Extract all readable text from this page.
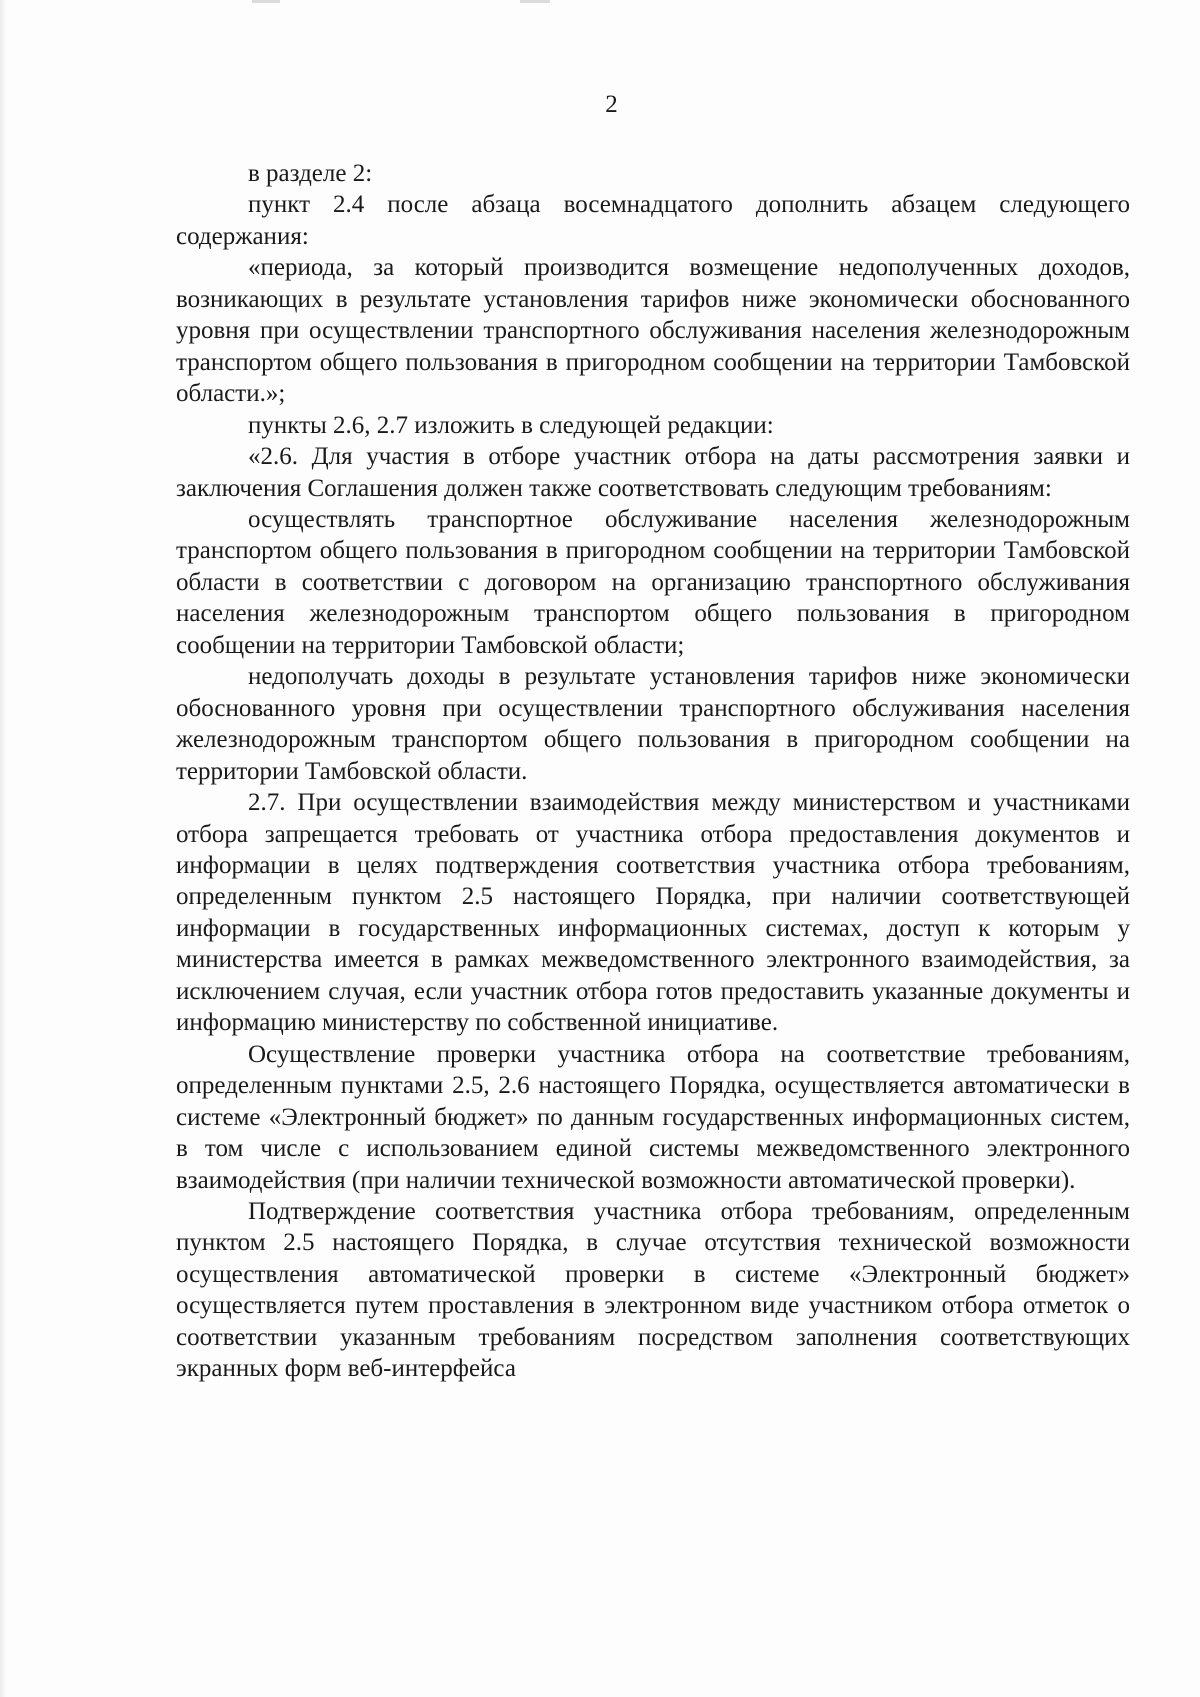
2

в разделе 2:

пункт 2.4 после абзаца восемнадцатого дополнить абзацем следующего содержания:

«периода, за который производится возмещение недополученных доходов, возникающих в результате установления тарифов ниже экономически обоснованного уровня при осуществлении транспортного обслуживания населения железнодорожным транспортом общего пользования в пригородном сообщении на территории Тамбовской области.»;

пункты 2.6, 2.7 изложить в следующей редакции:

«2.6. Для участия в отборе участник отбора на даты рассмотрения заявки и заключения Соглашения должен также соответствовать следующим требованиям:

осуществлять транспортное обслуживание населения железнодорожным транспортом общего пользования в пригородном сообщении на территории Тамбовской области в соответствии с договором на организацию транспортного обслуживания населения железнодорожным транспортом общего пользования в пригородном сообщении на территории Тамбовской области;

недополучать доходы в результате установления тарифов ниже экономически обоснованного уровня при осуществлении транспортного обслуживания населения железнодорожным транспортом общего пользования в пригородном сообщении на территории Тамбовской области.

2.7. При осуществлении взаимодействия между министерством и участниками отбора запрещается требовать от участника отбора предоставления документов и информации в целях подтверждения соответствия участника отбора требованиям, определенным пунктом 2.5 настоящего Порядка, при наличии соответствующей информации в государственных информационных системах, доступ к которым у министерства имеется в рамках межведомственного электронного взаимодействия, за исключением случая, если участник отбора готов предоставить указанные документы и информацию министерству по собственной инициативе.

Осуществление проверки участника отбора на соответствие требованиям, определенным пунктами 2.5, 2.6 настоящего Порядка, осуществляется автоматически в системе «Электронный бюджет» по данным государственных информационных систем, в том числе с использованием единой системы межведомственного электронного взаимодействия (при наличии технической возможности автоматической проверки).

Подтверждение соответствия участника отбора требованиям, определенным пунктом 2.5 настоящего Порядка, в случае отсутствия технической возможности осуществления автоматической проверки в системе «Электронный бюджет» осуществляется путем проставления в электронном виде участником отбора отметок о соответствии указанным требованиям посредством заполнения соответствующих экранных форм веб-интерфейса
